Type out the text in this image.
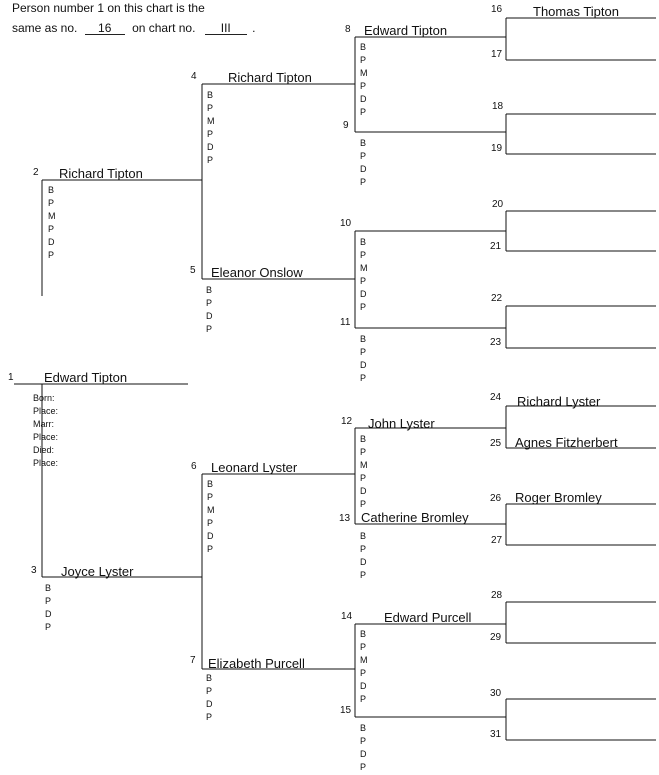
Person number 1 on this chart is the
same as no. 16 on chart no. III .
1
2
3
4
5
6
7
8
9
10
11
12
13
14
15
16
17
18
19
20
21
22
23
24
25
26
27
28
29
30
31
Edward Tipton
Richard Tipton
Joyce Lyster
Richard Tipton
Eleanor Onslow
Leonard Lyster
Elizabeth Purcell
Edward Tipton
John Lyster
Catherine Bromley
Edward Purcell
Thomas Tipton
Richard Lyster
Agnes Fitzherbert
Roger Bromley
Born:
Place:
Marr:
Place:
Died:
Place:
B
P
M
P
D
P
B
P
D
P
B
P
M
P
D
P
B
P
D
P
B
P
M
P
D
P
B
P
D
P
B
P
M
P
D
P
B
P
D
P
B
P
M
P
D
P
B
P
D
P
B
P
M
P
D
P
B
P
D
P
B
P
M
P
D
P
B
P
D
P
